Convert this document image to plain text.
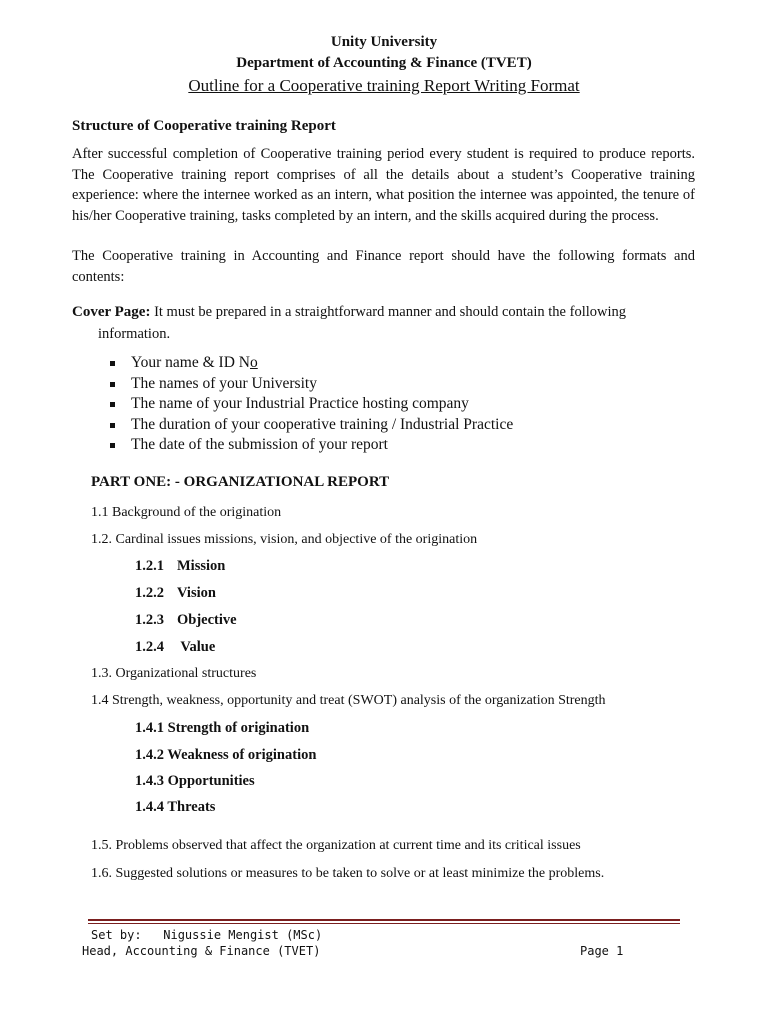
Unity University
Department of Accounting & Finance (TVET)
Outline for a Cooperative training Report Writing Format
Structure of Cooperative training Report
After successful completion of Cooperative training period every student is required to produce reports. The Cooperative training report comprises of all the details about a student’s Cooperative training experience: where the internee worked as an intern, what position the internee was appointed, the tenure of his/her Cooperative training, tasks completed by an intern, and the skills acquired during the process.
The Cooperative training in Accounting and Finance report should have the following formats and contents:
Cover Page: It must be prepared in a straightforward manner and should contain the following
information.
Your name & ID No
The names of your University
The name of your Industrial Practice hosting company
The duration of your cooperative training / Industrial Practice
The date of the submission of your report
PART ONE: - ORGANIZATIONAL REPORT
1.1 Background of the origination
1.2. Cardinal issues missions, vision, and objective of the origination
1.2.1 Mission
1.2.2 Vision
1.2.3 Objective
1.2.4 Value
1.3. Organizational structures
1.4 Strength, weakness, opportunity and treat (SWOT) analysis of the organization Strength
1.4.1 Strength of origination
1.4.2 Weakness of origination
1.4.3 Opportunities
1.4.4 Threats
1.5. Problems observed that affect the organization at current time and its critical issues
1.6. Suggested solutions or measures to be taken to solve or at least minimize the problems.
Set by:   Nigussie Mengist (MSc)
Head, Accounting & Finance (TVET)	Page 1
